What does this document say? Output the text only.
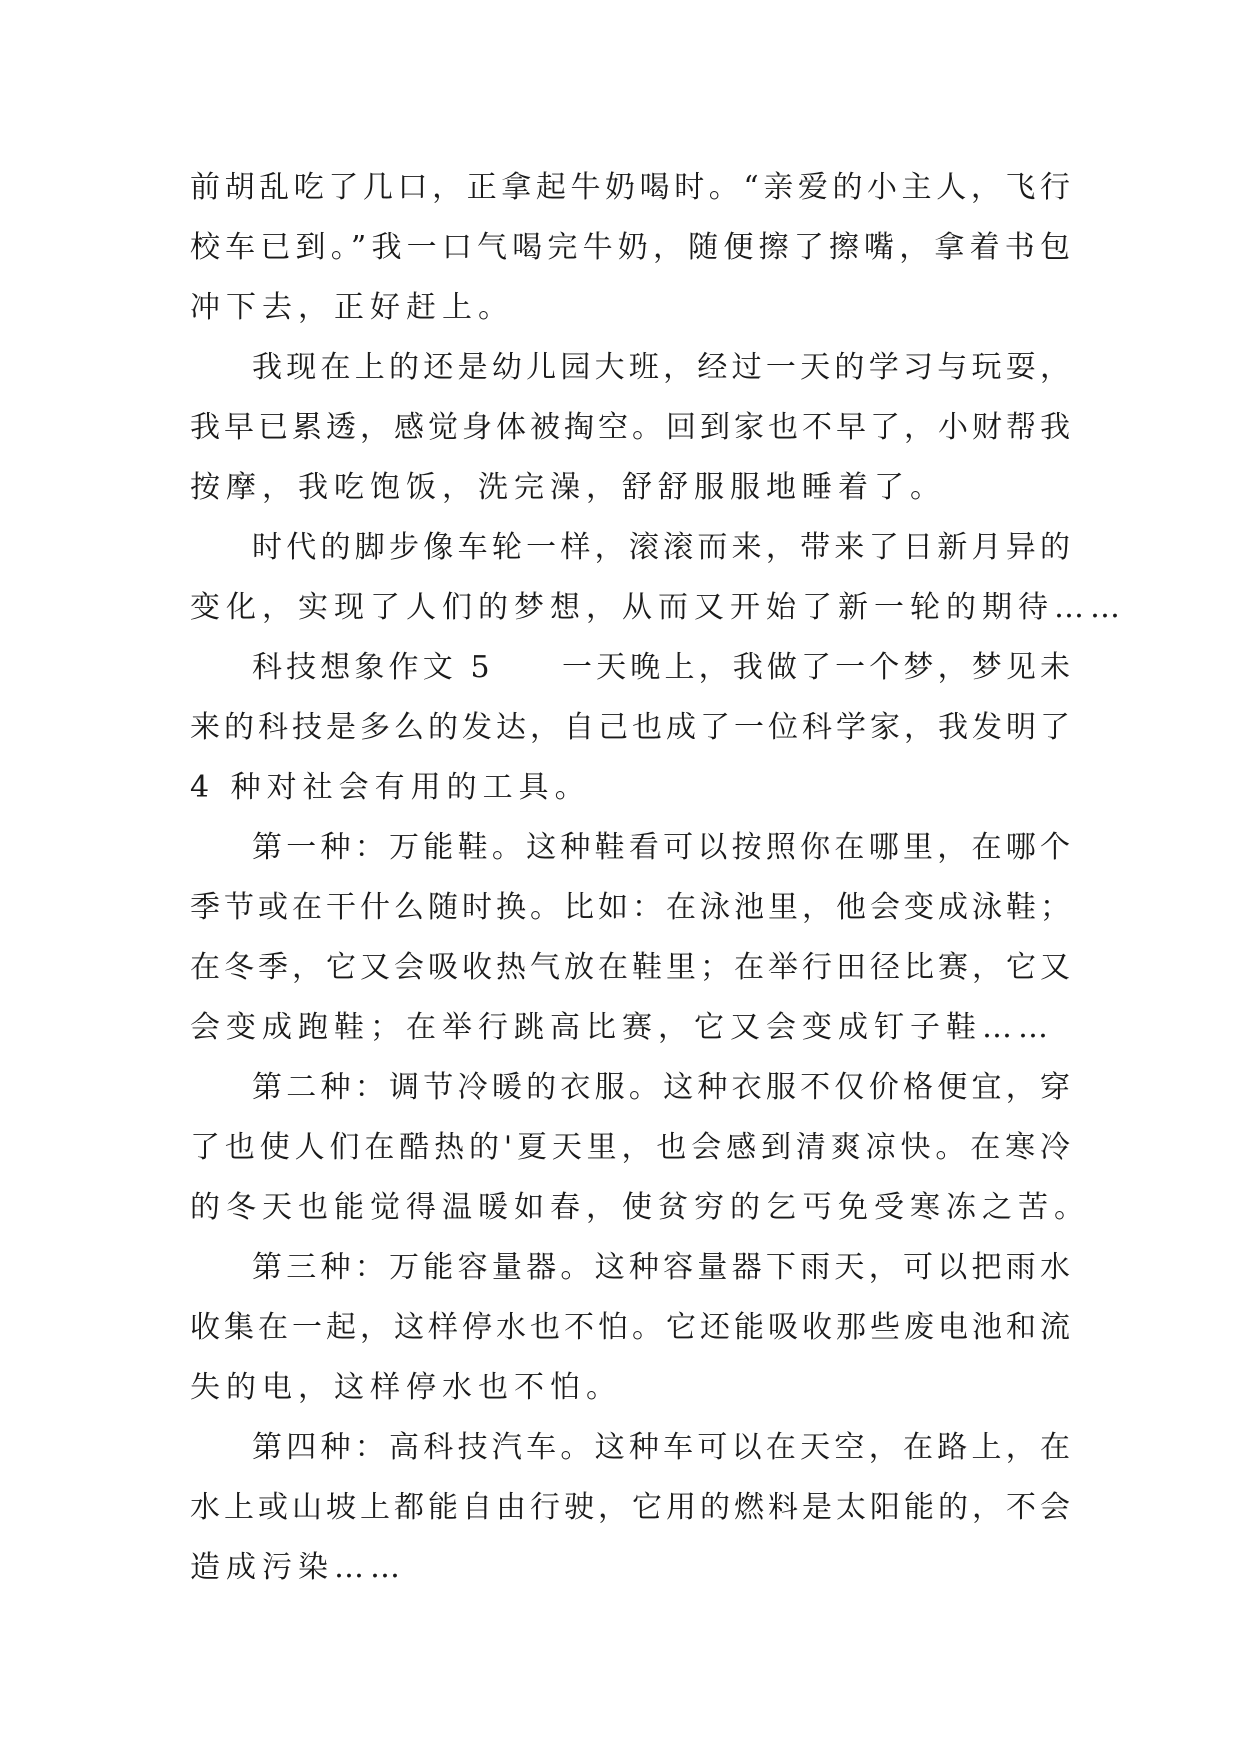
前胡乱吃了几口，正拿起牛奶喝时。“亲爱的小主人，飞行
校车已到。”我一口气喝完牛奶，随便擦了擦嘴，拿着书包
冲下去，正好赶上。
我现在上的还是幼儿园大班，经过一天的学习与玩耍，
我早已累透，感觉身体被掏空。回到家也不早了，小财帮我
按摩，我吃饱饭，洗完澡，舒舒服服地睡着了。
时代的脚步像车轮一样，滚滚而来，带来了日新月异的
变化，实现了人们的梦想，从而又开始了新一轮的期待……
科技想象作文 5　　一天晚上，我做了一个梦，梦见未
来的科技是多么的发达，自己也成了一位科学家，我发明了
4 种对社会有用的工具。
第一种：万能鞋。这种鞋看可以按照你在哪里，在哪个
季节或在干什么随时换。比如：在泳池里，他会变成泳鞋；
在冬季，它又会吸收热气放在鞋里；在举行田径比赛，它又
会变成跑鞋；在举行跳高比赛，它又会变成钉子鞋……
第二种：调节冷暖的衣服。这种衣服不仅价格便宜，穿
了也使人们在酷热的'夏天里，也会感到清爽凉快。在寒冷
的冬天也能觉得温暖如春，使贫穷的乞丐免受寒冻之苦。
第三种：万能容量器。这种容量器下雨天，可以把雨水
收集在一起，这样停水也不怕。它还能吸收那些废电池和流
失的电，这样停水也不怕。
第四种：高科技汽车。这种车可以在天空，在路上，在
水上或山坡上都能自由行驶，它用的燃料是太阳能的，不会
造成污染……
